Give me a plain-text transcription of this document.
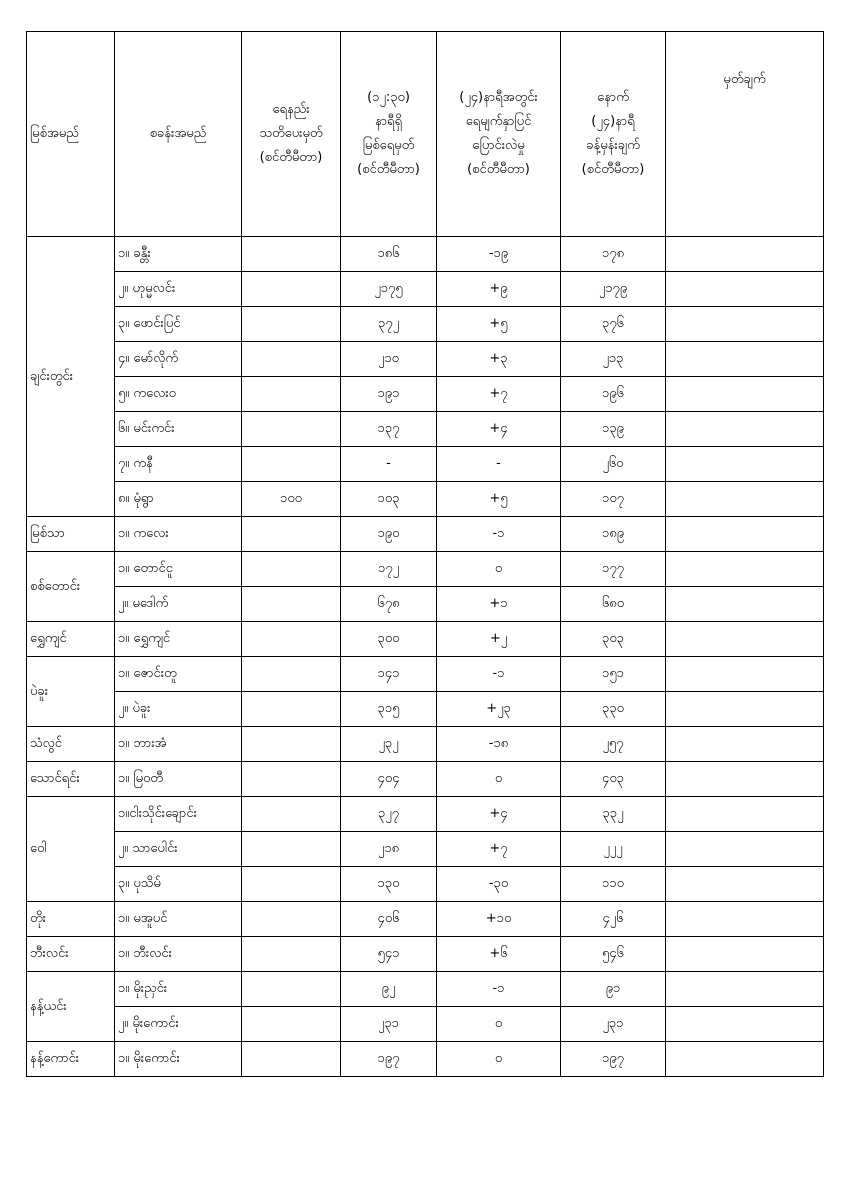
မြစ်အမည်	စခန်းအမည်	ရေနည်း
သတိပေးမှတ်
(စင်တီမီတာ)	(၁၂:၃၀)
နာရီရှိ
မြစ်ရေမှတ်
(စင်တီမီတာ)	(၂၄)နာရီအတွင်း
ရေမျက်နှာပြင်
ပြောင်းလဲမှု
(စင်တီမီတာ)	နောက်
(၂၄)နာရီ
ခန့်မှန်းချက်
(စင်တီမီတာ)	မှတ်ချက်
ချင်းတွင်း	၁။ ခန္တီး		၁၈၆	-၁၉	၁၇၈	
	၂။ ဟုမ္မလင်း		၂၁၇၅	+၉	၂၁၇၉	
	၃။ ဖောင်းပြင်		၃၇၂	+၅	၃၇၆	
	၄။ မော်လိုက်		၂၁၀	+၃	၂၁၃	
	၅။ ကလေးဝ		၁၉၁	+၇	၁၉၆	
	၆။ မင်းကင်း		၁၃၇	+၄	၁၃၉	
	၇။ ကနီ		-	-	၂၆၀	
	၈။ မုံရွာ	၁၀၀	၁၀၃	+၅	၁၀၇	
မြစ်သာ	၁။ ကလေး		၁၉၀	-၁	၁၈၉	
စစ်တောင်း	၁။ တောင်ငူ		၁၇၂	၀	၁၇၇	
	၂။ မဒေါက်		၆၇၈	+၁	၆၈၀	
ရွှေကျင်	၁။ ရွှေကျင်		၃၀၀	+၂	၃၀၃	
ပဲခူး	၁။ ဇောင်းတူ		၁၄၁	-၁	၁၅၁	
	၂။ ပဲခူး		၃၁၅	+၂၃	၃၃၀	
သံလွင်	၁။ ဘားအံ		၂၃၂	-၁၈	၂၅၇	
သောင်ရင်း	၁။ မြဝတီ		၄၀၄	၀	၄၀၃	
ဝေါ	၁။ငါးသိုင်းချောင်း		၃၂၇	+၄	၃၃၂	
	၂။ သာပေါင်း		၂၁၈	+၇	၂၂၂	
	၃။ ပုသိမ်		၁၃၀	-၃၀	၁၁၀	
တိုး	၁။ မအူပင်		၄၀၆	+၁၀	၄၂၆	
ဘီးလင်း	၁။ ဘီးလင်း		၅၄၁	+၆	၅၄၆	
နန့်ယင်း	၁။ မိုးညှင်း		၉၂	-၁	၉၁	
	၂။ မိုးကောင်း		၂၃၁	၀	၂၃၁	
နန့်ကောင်း	၁။ မိုးကောင်း		၁၉၇	၀	၁၉၇	
